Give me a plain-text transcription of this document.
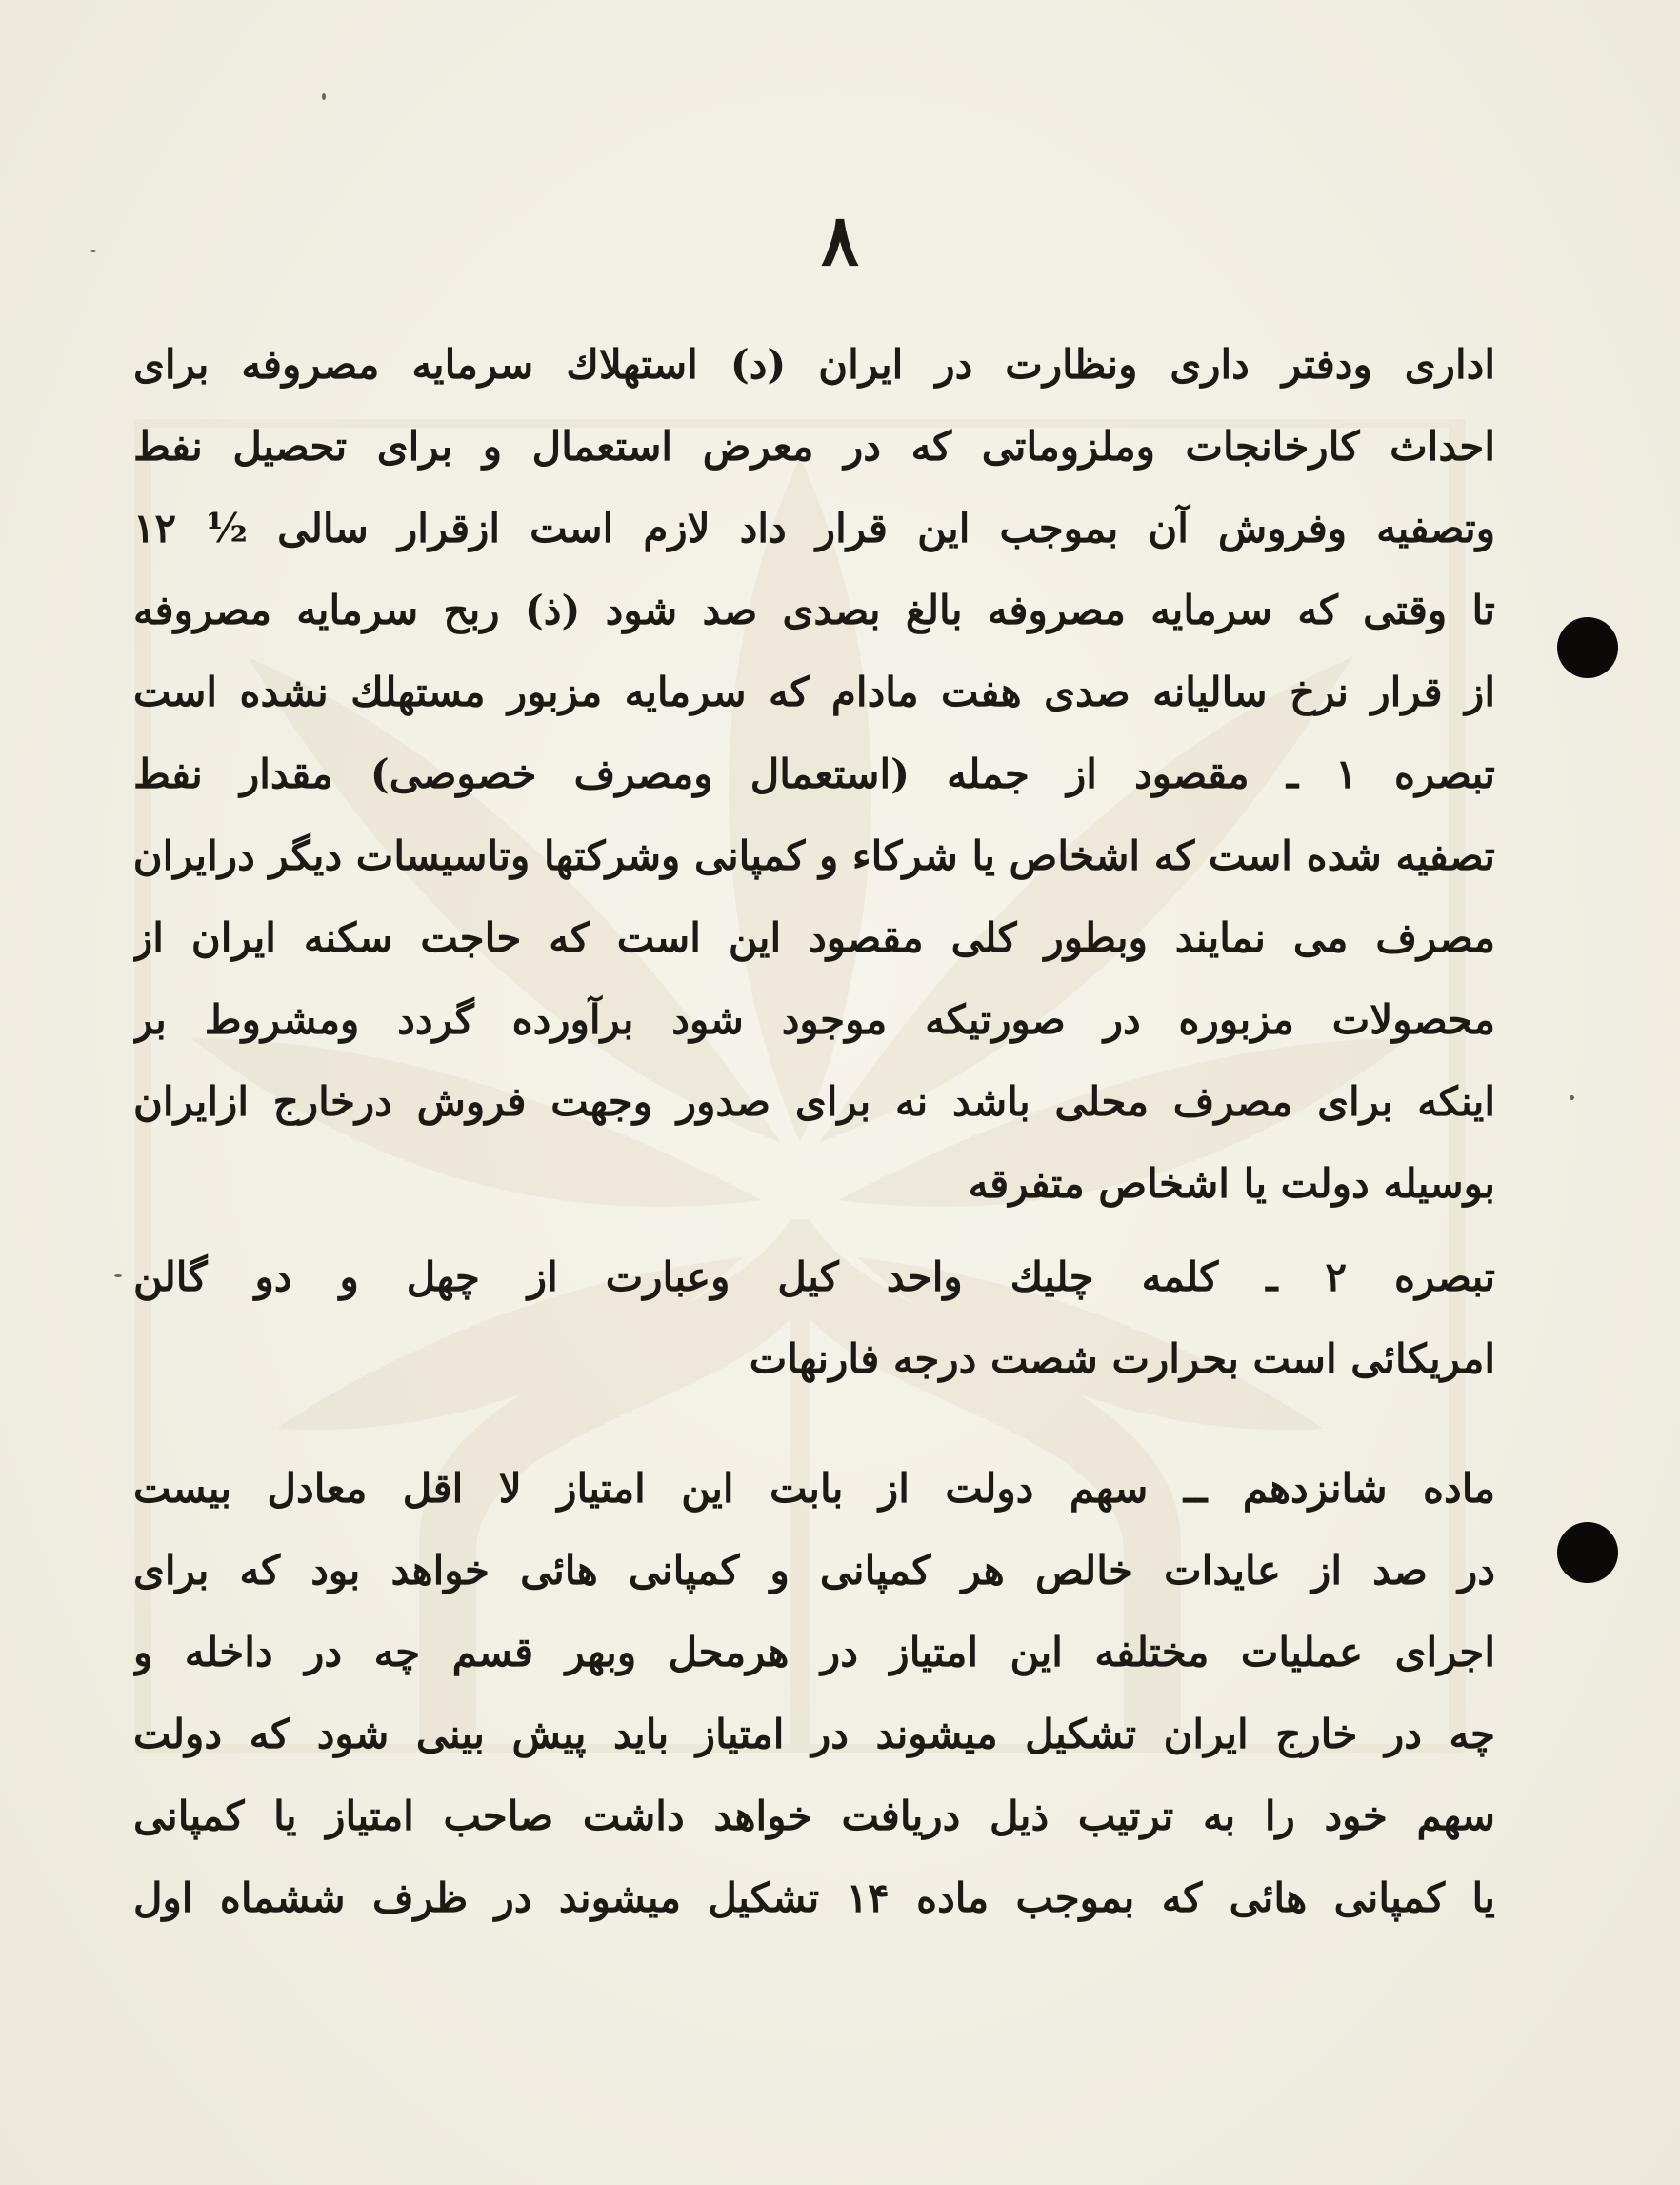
۸
اداری ودفتر داری ونظارت در ایران (د) استهلاك سرمایه مصروفه برای
احداث کارخانجات وملزوماتی که در معرض استعمال و برای تحصیل نفط
وتصفیه وفروش آن بموجب این قرار داد لازم است ازقرار سالی ½ ۱۲
تا وقتی که سرمایه مصروفه بالغ بصدی صد شود (ذ) ربح سرمایه مصروفه
از قرار نرخ سالیانه صدی هفت مادام که سرمایه مزبور مستهلك نشده است
تبصره ۱ ـ مقصود از جمله (استعمال ومصرف خصوصی) مقدار نفط
تصفیه شده است که اشخاص یا شرکاء و کمپانی وشرکتها وتاسیسات دیگر درایران
مصرف می نمایند وبطور کلی مقصود این است که حاجت سکنه ایران از
محصولات مزبوره در صورتیکه موجود شود برآورده گردد ومشروط بر
اینکه برای مصرف محلی باشد نه برای صدور وجهت فروش درخارج ازایران
بوسیله دولت یا اشخاص متفرقه
تبصره ۲ ـ کلمه چلیك واحد کیل وعبارت از چهل و دو گالن
امریکائی است بحرارت شصت درجه فارنهات
ماده شانزدهم ــ سهم دولت از بابت این امتیاز لا اقل معادل بیست
در صد از عایدات خالص هر کمپانی و کمپانی هائی خواهد بود که برای
اجرای عملیات مختلفه این امتیاز در هرمحل وبهر قسم چه در داخله و
چه در خارج ایران تشکیل میشوند در امتیاز باید پیش بینی شود که دولت
سهم خود را به ترتیب ذیل دریافت خواهد داشت صاحب امتیاز یا کمپانی
یا کمپانی هائی که بموجب ماده ۱۴ تشکیل میشوند در ظرف ششماه اول
